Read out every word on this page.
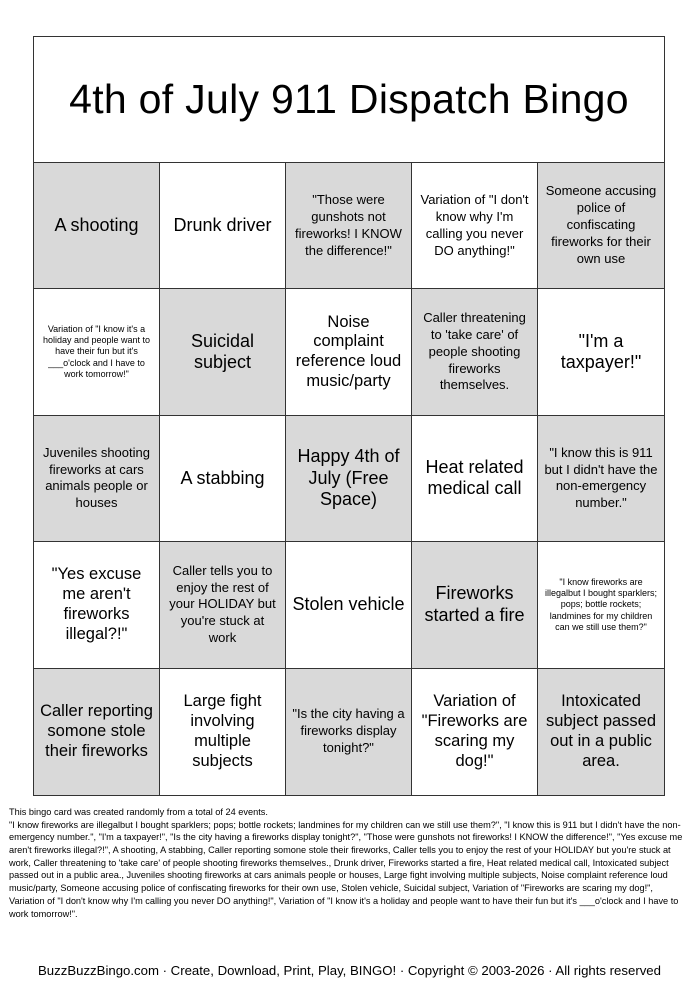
4th of July 911 Dispatch Bingo
A shooting	Drunk driver
"Those were gunshots not fireworks! I KNOW the difference!"
Variation of "I don't know why I'm calling you never DO anything!"
Someone accusing police of confiscating fireworks for their own use
Variation of "I know it's a holiday and people want to have their fun but it's ___o'clock and I have to work tomorrow!"
Suicidal subject
Noise complaint reference loud music/party
Caller threatening to 'take care' of people shooting fireworks themselves.
"I'm a taxpayer!"
Juveniles shooting fireworks at cars animals people or houses
A stabbing
Happy 4th of July (Free Space)
Heat related medical call
"I know this is 911 but I didn't have the non-emergency number."
"Yes excuse me aren't fireworks illegal?!"
Caller tells you to enjoy the rest of your HOLIDAY but you're stuck at work
Stolen vehicle
Fireworks started a fire
"I know fireworks are illegalbut I bought sparklers; pops; bottle rockets; landmines for my children can we still use them?"
Caller reporting somone stole their fireworks
Large fight involving multiple subjects
"Is the city having a fireworks display tonight?"
Variation of "Fireworks are scaring my dog!"
Intoxicated subject passed out in a public area.
This bingo card was created randomly from a total of 24 events.
"I know fireworks are illegalbut I bought sparklers; pops; bottle rockets; landmines for my children can we still use them?", "I know this is 911 but I didn't have the non-emergency number.", "I'm a taxpayer!", "Is the city having a fireworks display tonight?", "Those were gunshots not fireworks! I KNOW the difference!", "Yes excuse me aren't fireworks illegal?!", A shooting, A stabbing, Caller reporting somone stole their fireworks, Caller tells you to enjoy the rest of your HOLIDAY but you're stuck at work, Caller threatening to 'take care' of people shooting fireworks themselves., Drunk driver, Fireworks started a fire, Heat related medical call, Intoxicated subject passed out in a public area., Juveniles shooting fireworks at cars animals people or houses, Large fight involving multiple subjects, Noise complaint reference loud music/party, Someone accusing police of confiscating fireworks for their own use, Stolen vehicle, Suicidal subject, Variation of "Fireworks are scaring my dog!", Variation of "I don't know why I'm calling you never DO anything!", Variation of "I know it's a holiday and people want to have their fun but it's ___o'clock and I have to work tomorrow!".
BuzzBuzzBingo.com · Create, Download, Print, Play, BINGO! · Copyright © 2003-2026 · All rights reserved
